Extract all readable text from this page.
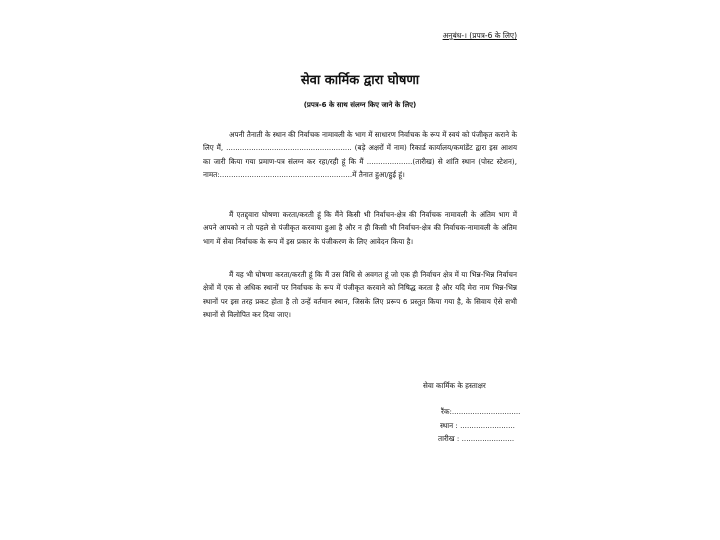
अनुबंध-। (प्रपत्र-6 के लिए)
सेवा कार्मिक द्वारा घोषणा
(प्रपत्र-6 के साथ संलग्न किए जाने के लिए)

अपनी तैनाती के स्थान की निर्वाचक नामावली के भाग में साधारण निर्वाचक के रूप में स्वयं को पंजीकृत कराने के लिए मैं, ....................................................... (बड़े अक्षरों में नाम) रिकार्ड कार्यालय/कमांडेंट द्वारा इस आशय का जारी किया गया प्रमाण-पत्र संलग्न कर रहा/रही हूं कि मैं ....................(तारीख) से शांति स्थान (पोस्ट स्टेशन), नामत:..........................................................में तैनात हुआ/हुई हूं।

मैं एतद्द्वारा घोषणा करता/करती हूं कि मैंने किसी भी निर्वाचन-क्षेत्र की निर्वाचक नामावली के अंतिम भाग में अपने आपको न तो पहले से पंजीकृत करवाया हुआ है और न ही किसी भी निर्वाचन-क्षेत्र की निर्वाचक-नामावली के अंतिम भाग में सेवा निर्वाचक के रूप में इस प्रकार के पंजीकरण के लिए आवेदन किया है।

मैं यह भी घोषणा करता/करती हूं कि मैं उस विधि से अवगत हूं जो एक ही निर्वाचन क्षेत्र में या भिन्न-भिन्न निर्वाचन क्षेत्रों में एक से अधिक स्थानों पर निर्वाचक के रूप में पंजीकृत करवाने को निषिद्ध करता है और यदि मेरा नाम भिन्न-भिन्न स्थानों पर इस तरह प्रकट होता है तो उन्हें वर्तमान स्थान, जिसके लिए प्ररूप 6 प्रस्तुत किया गया है, के सिवाय ऐसे सभी स्थानों से विलोपित कर दिया जाए।

सेवा कार्मिक के हस्ताक्षर
रैंक:..............................
स्थान : ........................
तारीख : .......................
